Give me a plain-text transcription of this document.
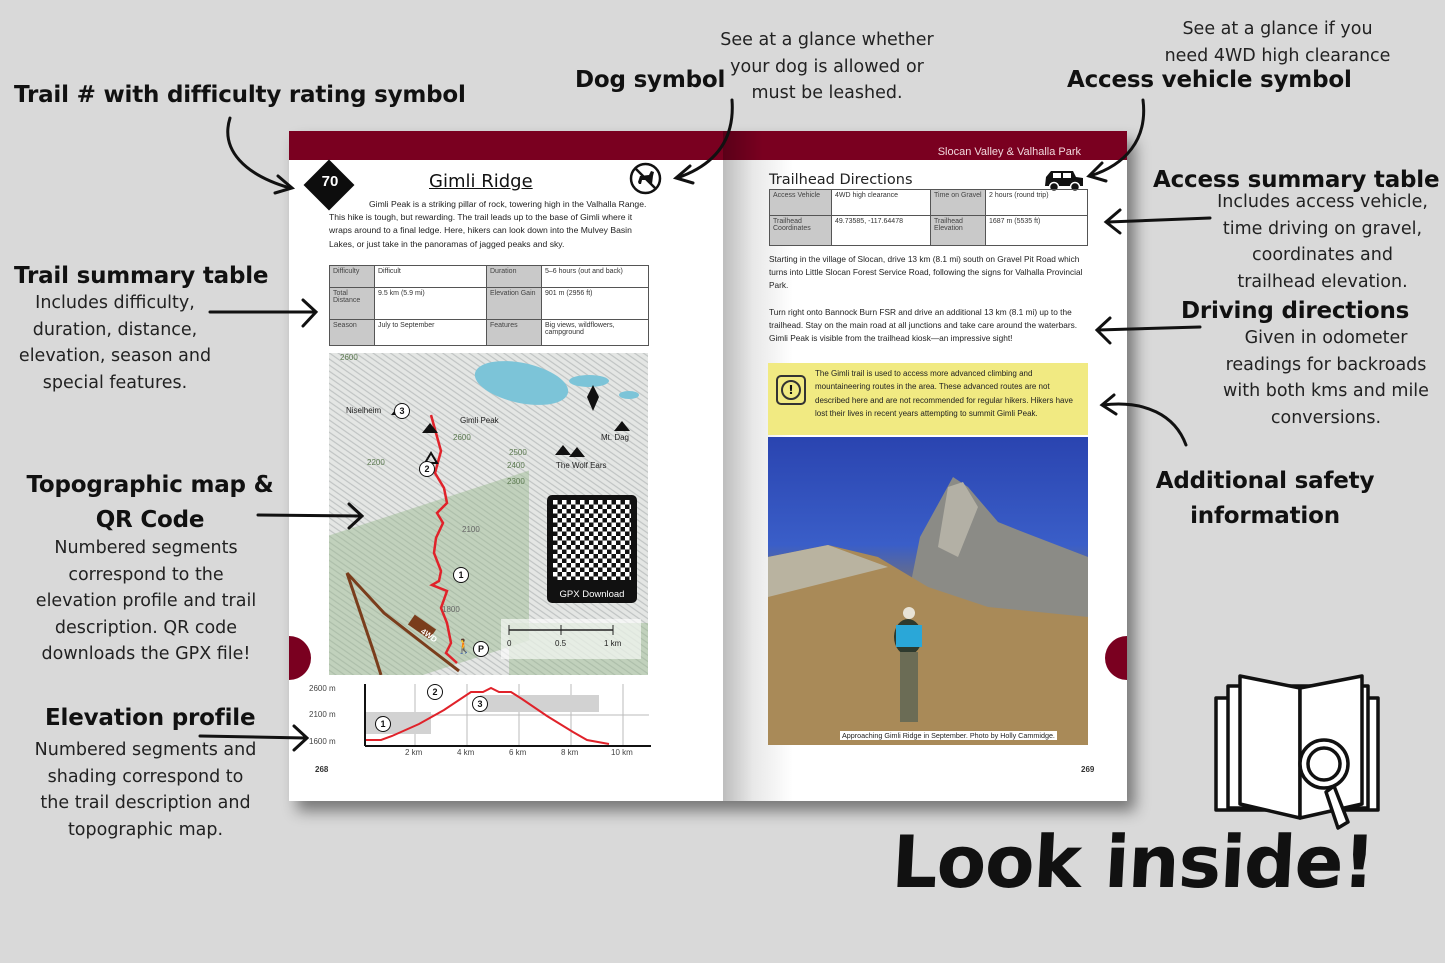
Trail # with difficulty rating symbol
Dog symbol
See at a glance whether
your dog is allowed or
must be leashed.
See at a glance if you
need 4WD high clearance
Access vehicle symbol
Trail summary table
Includes difficulty,
duration, distance,
elevation, season and
special features.
Access summary table
Includes access vehicle,
time driving on gravel,
coordinates and
trailhead elevation.
Driving directions
Given in odometer
readings for backroads
with both kms and mile
conversions.
Additional safety
information
Topographic map &
QR Code
Numbered segments
correspond to the
elevation profile and trail
description. QR code
downloads the GPX file!
Elevation profile
Numbered segments and
shading correspond to
the trail description and
topographic map.
70	Gimli Ridge
Gimli Peak is a striking pillar of rock, towering high in the Valhalla Range. This hike is tough, but rewarding. The trail leads up to the base of Gimli where it wraps around to a final ledge. Here, hikers can look down into the Mulvey Basin Lakes, or just take in the panoramas of jagged peaks and sky.
Difficulty	Difficult	Duration	5–6 hours (out and back)
Total Distance	9.5 km (5.9 mi)	Elevation Gain	901 m (2956 ft)
Season	July to September	Features	Big views, wildflowers, campground
Niselheim
Gimli Peak
Mt. Dag
The Wolf Ears
2600
2600
2500
2400
2300
2200
2100
1800
4WD
2
3
1
P
🚶
GPX Download
0	0.5	1 km
2600 m
2100 m
1600 m
2 km	4 km	6 km	8 km	10 km
1
2
3
268
Slocan Valley & Valhalla Park
Trailhead Directions
Access Vehicle	4WD high clearance	Time on Gravel	2 hours (round trip)
Trailhead Coordinates	49.73585, -117.64478	Trailhead Elevation	1687 m (5535 ft)
Starting in the village of Slocan, drive 13 km (8.1 mi) south on Gravel Pit Road which turns into Little Slocan Forest Service Road, following the signs for Valhalla Provincial Park.
Turn right onto Bannock Burn FSR and drive an additional 13 km (8.1 mi) up to the trailhead. Stay on the main road at all junctions and take care around the waterbars. Gimli Peak is visible from the trailhead kiosk—an impressive sight!
!
The Gimli trail is used to access more advanced climbing and mountaineering routes in the area. These advanced routes are not described here and are not recommended for regular hikers. Hikers have lost their lives in recent years attempting to summit Gimli Peak.
Approaching Gimli Ridge in September. Photo by Holly Cammidge.
269
Look inside!
